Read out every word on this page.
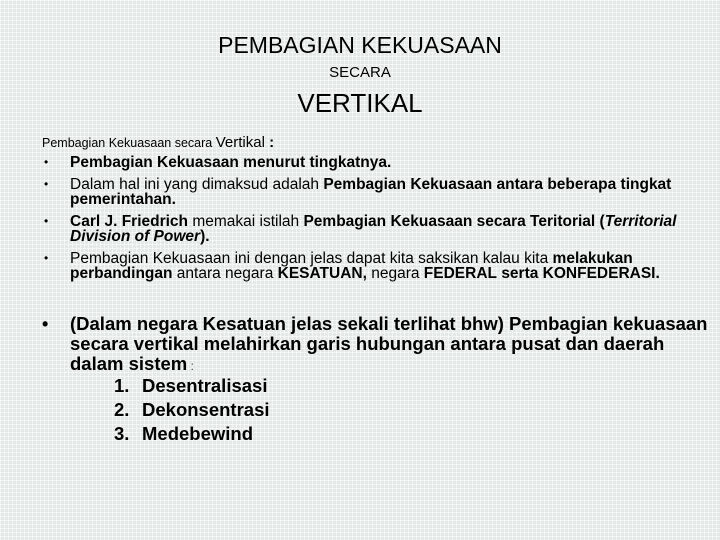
PEMBAGIAN KEKUASAAN
SECARA
VERTIKAL
Pembagian Kekuasaan secara Vertikal :
• Pembagian Kekuasaan menurut tingkatnya.
• Dalam hal ini yang dimaksud adalah Pembagian Kekuasaan antara beberapa tingkat pemerintahan.
• Carl J. Friedrich memakai istilah Pembagian Kekuasaan secara Teritorial (Territorial Division of Power).
• Pembagian Kekuasaan ini dengan jelas dapat kita saksikan kalau kita melakukan perbandingan antara negara KESATUAN, negara FEDERAL serta KONFEDERASI.
• (Dalam negara Kesatuan jelas sekali terlihat bhw) Pembagian kekuasaan secara vertikal melahirkan garis hubungan antara pusat dan daerah dalam sistem :
1. Desentralisasi
2. Dekonsentrasi
3. Medebewind
